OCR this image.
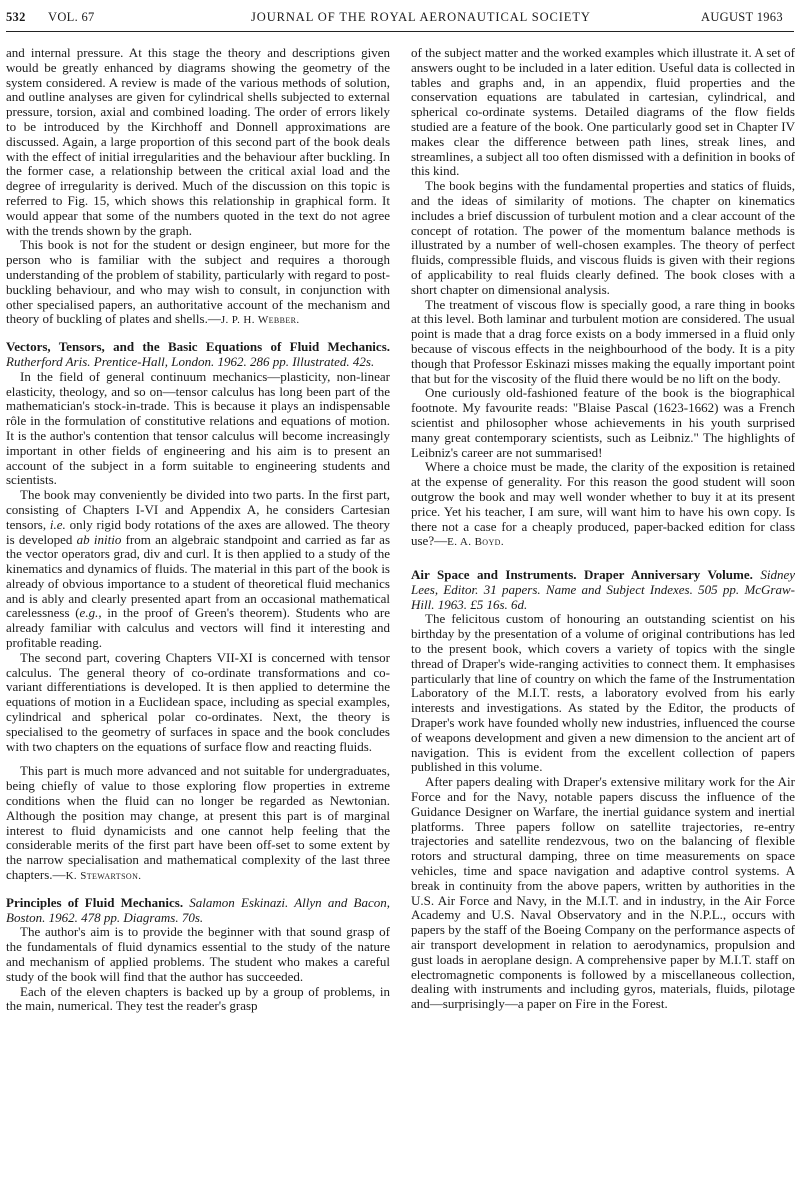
532 VOL. 67	JOURNAL OF THE ROYAL AERONAUTICAL SOCIETY	AUGUST 1963

and internal pressure. At this stage the theory and descriptions given would be greatly enhanced by diagrams showing the geometry of the system considered. A review is made of the various methods of solution, and outline analyses are given for cylindrical shells subjected to external pressure, torsion, axial and combined loading. The order of errors likely to be introduced by the Kirchhoff and Donnell approximations are discussed. Again, a large proportion of this second part of the book deals with the effect of initial irregularities and the behaviour after buckling. In the former case, a relationship between the critical axial load and the degree of irregularity is derived. Much of the discussion on this topic is referred to Fig. 15, which shows this relationship in graphical form. It would appear that some of the numbers quoted in the text do not agree with the trends shown by the graph.

This book is not for the student or design engineer, but more for the person who is familiar with the subject and requires a thorough understanding of the problem of stability, particularly with regard to post-buckling behaviour, and who may wish to consult, in conjunction with other specialised papers, an authoritative account of the mechanism and theory of buckling of plates and shells.—J. P. H. Webber.

Vectors, Tensors, and the Basic Equations of Fluid Mechanics. Rutherford Aris. Prentice-Hall, London. 1962. 286 pp. Illustrated. 42s.

In the field of general continuum mechanics—plasticity, non-linear elasticity, theology, and so on—tensor calculus has long been part of the mathematician's stock-in-trade. This is because it plays an indispensable rôle in the formulation of constitutive relations and equations of motion. It is the author's contention that tensor calculus will become increasingly important in other fields of engineering and his aim is to present an account of the subject in a form suitable to engineering students and scientists.

The book may conveniently be divided into two parts. In the first part, consisting of Chapters I-VI and Appendix A, he considers Cartesian tensors, i.e. only rigid body rotations of the axes are allowed. The theory is developed ab initio from an algebraic standpoint and carried as far as the vector operators grad, div and curl. It is then applied to a study of the kinematics and dynamics of fluids. The material in this part of the book is already of obvious importance to a student of theoretical fluid mechanics and is ably and clearly presented apart from an occasional mathematical carelessness (e.g., in the proof of Green's theorem). Students who are already familiar with calculus and vectors will find it interesting and profitable reading.

The second part, covering Chapters VII-XI is concerned with tensor calculus. The general theory of co-ordinate transformations and co-variant differentiations is developed. It is then applied to determine the equations of motion in a Euclidean space, including as special examples, cylindrical and spherical polar co-ordinates. Next, the theory is specialised to the geometry of surfaces in space and the book concludes with two chapters on the equations of surface flow and reacting fluids.

This part is much more advanced and not suitable for undergraduates, being chiefly of value to those exploring flow properties in extreme conditions when the fluid can no longer be regarded as Newtonian. Although the position may change, at present this part is of marginal interest to fluid dynamicists and one cannot help feeling that the considerable merits of the first part have been off-set to some extent by the narrow specialisation and mathematical complexity of the last three chapters.—K. Stewartson.

Principles of Fluid Mechanics. Salamon Eskinazi. Allyn and Bacon, Boston. 1962. 478 pp. Diagrams. 70s.

The author's aim is to provide the beginner with that sound grasp of the fundamentals of fluid dynamics essential to the study of the nature and mechanism of applied problems. The student who makes a careful study of the book will find that the author has succeeded.

Each of the eleven chapters is backed up by a group of problems, in the main, numerical. They test the reader's grasp

of the subject matter and the worked examples which illustrate it. A set of answers ought to be included in a later edition. Useful data is collected in tables and graphs and, in an appendix, fluid properties and the conservation equations are tabulated in cartesian, cylindrical, and spherical co-ordinate systems. Detailed diagrams of the flow fields studied are a feature of the book. One particularly good set in Chapter IV makes clear the difference between path lines, streak lines, and streamlines, a subject all too often dismissed with a definition in books of this kind.

The book begins with the fundamental properties and statics of fluids, and the ideas of similarity of motions. The chapter on kinematics includes a brief discussion of turbulent motion and a clear account of the concept of rotation. The power of the momentum balance methods is illustrated by a number of well-chosen examples. The theory of perfect fluids, compressible fluids, and viscous fluids is given with their regions of applicability to real fluids clearly defined. The book closes with a short chapter on dimensional analysis.

The treatment of viscous flow is specially good, a rare thing in books at this level. Both laminar and turbulent motion are considered. The usual point is made that a drag force exists on a body immersed in a fluid only because of viscous effects in the neighbourhood of the body. It is a pity though that Professor Eskinazi misses making the equally important point that but for the viscosity of the fluid there would be no lift on the body.

One curiously old-fashioned feature of the book is the biographical footnote. My favourite reads: "Blaise Pascal (1623-1662) was a French scientist and philosopher whose achievements in his youth surprised many great contemporary scientists, such as Leibniz." The highlights of Leibniz's career are not summarised!

Where a choice must be made, the clarity of the exposition is retained at the expense of generality. For this reason the good student will soon outgrow the book and may well wonder whether to buy it at its present price. Yet his teacher, I am sure, will want him to have his own copy. Is there not a case for a cheaply produced, paper-backed edition for class use?—E. A. Boyd.

Air Space and Instruments. Draper Anniversary Volume. Sidney Lees, Editor. 31 papers. Name and Subject Indexes. 505 pp. McGraw-Hill. 1963. £5 16s. 6d.

The felicitous custom of honouring an outstanding scientist on his birthday by the presentation of a volume of original contributions has led to the present book, which covers a variety of topics with the single thread of Draper's wide-ranging activities to connect them. It emphasises particularly that line of country on which the fame of the Instrumentation Laboratory of the M.I.T. rests, a laboratory evolved from his early interests and investigations. As stated by the Editor, the products of Draper's work have founded wholly new industries, influenced the course of weapons development and given a new dimension to the ancient art of navigation. This is evident from the excellent collection of papers published in this volume.

After papers dealing with Draper's extensive military work for the Air Force and for the Navy, notable papers discuss the influence of the Guidance Designer on Warfare, the inertial guidance system and inertial platforms. Three papers follow on satellite trajectories, re-entry trajectories and satellite rendezvous, two on the balancing of flexible rotors and structural damping, three on time measurements on space vehicles, time and space navigation and adaptive control systems. A break in continuity from the above papers, written by authorities in the U.S. Air Force and Navy, in the M.I.T. and in industry, in the Air Force Academy and U.S. Naval Observatory and in the N.P.L., occurs with papers by the staff of the Boeing Company on the performance aspects of air transport development in relation to aerodynamics, propulsion and gust loads in aeroplane design. A comprehensive paper by M.I.T. staff on electromagnetic components is followed by a miscellaneous collection, dealing with instruments and including gyros, materials, fluids, pilotage and—surprisingly—a paper on Fire in the Forest.
